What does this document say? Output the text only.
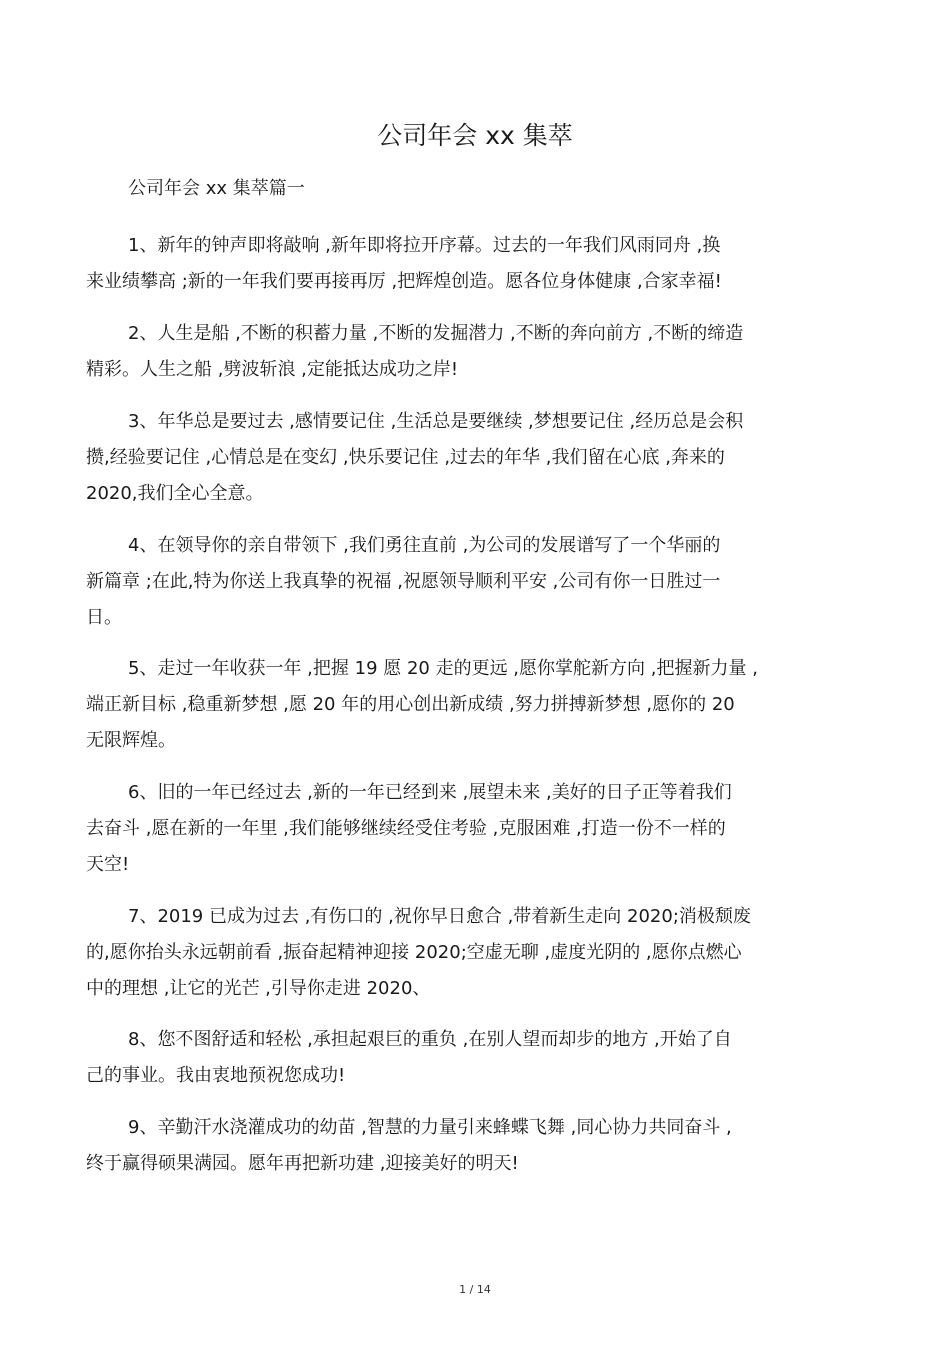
公司年会 xx 集萃

公司年会 xx 集萃篇一

1、新年的钟声即将敲响 ,新年即将拉开序幕。过去的一年我们风雨同舟 ,换
来业绩攀高 ;新的一年我们要再接再厉 ,把辉煌创造。愿各位身体健康 ,合家幸福!

2、人生是船 ,不断的积蓄力量 ,不断的发掘潜力 ,不断的奔向前方 ,不断的缔造
精彩。人生之船 ,劈波斩浪 ,定能抵达成功之岸!

3、年华总是要过去 ,感情要记住 ,生活总是要继续 ,梦想要记住 ,经历总是会积
攒,经验要记住 ,心情总是在变幻 ,快乐要记住 ,过去的年华 ,我们留在心底 ,奔来的
2020,我们全心全意。

4、在领导你的亲自带领下 ,我们勇往直前 ,为公司的发展谱写了一个华丽的
新篇章 ;在此,特为你送上我真挚的祝福 ,祝愿领导顺利平安 ,公司有你一日胜过一
日。

5、走过一年收获一年 ,把握 19 愿 20 走的更远 ,愿你掌舵新方向 ,把握新力量 ,
端正新目标 ,稳重新梦想 ,愿 20 年的用心创出新成绩 ,努力拼搏新梦想 ,愿你的 20
无限辉煌。

6、旧的一年已经过去 ,新的一年已经到来 ,展望未来 ,美好的日子正等着我们
去奋斗 ,愿在新的一年里 ,我们能够继续经受住考验 ,克服困难 ,打造一份不一样的
天空!

7、2019 已成为过去 ,有伤口的 ,祝你早日愈合 ,带着新生走向 2020;消极颓废
的,愿你抬头永远朝前看 ,振奋起精神迎接 2020;空虚无聊 ,虚度光阴的 ,愿你点燃心
中的理想 ,让它的光芒 ,引导你走进 2020、

8、您不图舒适和轻松 ,承担起艰巨的重负 ,在别人望而却步的地方 ,开始了自
己的事业。我由衷地预祝您成功!

9、辛勤汗水浇灌成功的幼苗 ,智慧的力量引来蜂蝶飞舞 ,同心协力共同奋斗 ,
终于赢得硕果满园。愿年再把新功建 ,迎接美好的明天!

1 / 14
